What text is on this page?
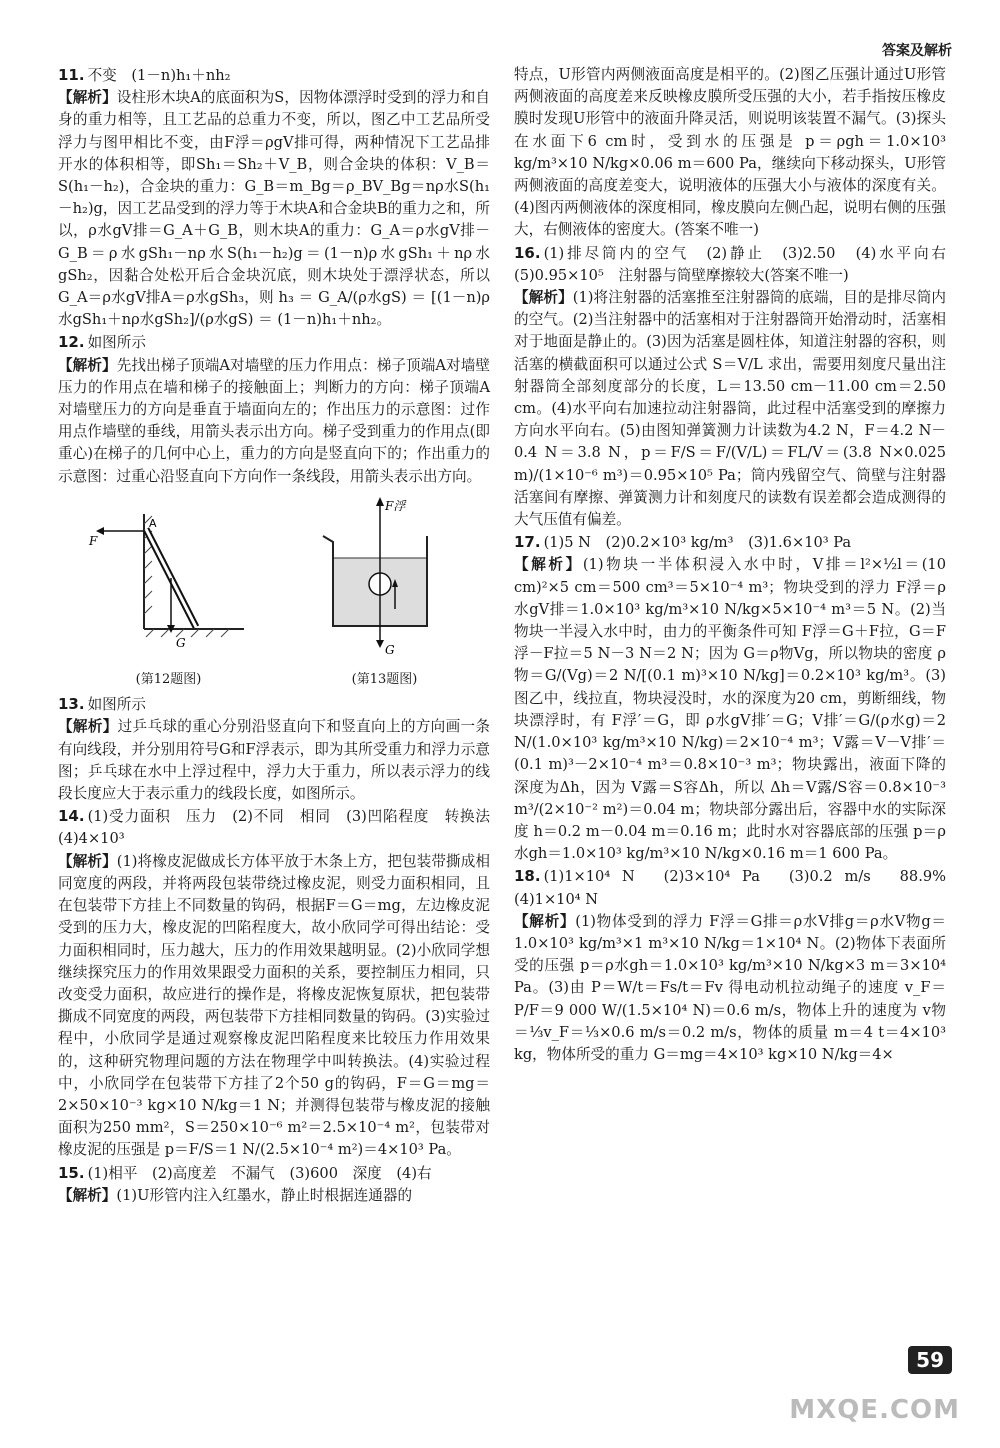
答案及解析
11. 不变　(1－n)h₁＋nh₂

【解析】设柱形木块A的底面积为S，因物体漂浮时受到的浮力和自身的重力相等，且工艺品的总重力不变，所以，图乙中工艺品所受浮力与图甲相比不变，由F浮＝ρgV排可得，两种情况下工艺品排开水的体积相等，即Sh₁＝Sh₂＋V_B，则合金块的体积：V_B＝S(h₁－h₂)，合金块的重力：G_B＝m_Bg＝ρ_BV_Bg＝nρ水S(h₁－h₂)g，因工艺品受到的浮力等于木块A和合金块B的重力之和，所以，ρ水gV排＝G_A＋G_B，则木块A的重力：G_A＝ρ水gV排－G_B＝ρ水gSh₁－nρ水S(h₁－h₂)g＝(1－n)ρ水gSh₁＋nρ水gSh₂，因黏合处松开后合金块沉底，则木块处于漂浮状态，所以G_A＝ρ水gV排A＝ρ水gSh₃，则 h₃ ＝ G_A/(ρ水gS) ＝ [(1－n)ρ水gSh₁＋nρ水gSh₂]/(ρ水gS) ＝ (1－n)h₁＋nh₂。

12. 如图所示

【解析】先找出梯子顶端A对墙壁的压力作用点：梯子顶端A对墙壁压力的作用点在墙和梯子的接触面上；判断力的方向：梯子顶端A对墙壁压力的方向是垂直于墙面向左的；作出压力的示意图：过作用点作墙壁的垂线，用箭头表示出方向。梯子受到重力的作用点(即重心)在梯子的几何中心上，重力的方向是竖直向下的；作出重力的示意图：过重心沿竖直向下方向作一条线段，用箭头表示出方向。

A
F
G
(第12题图)
F浮
G
(第13题图)
13. 如图所示

【解析】过乒乓球的重心分别沿竖直向下和竖直向上的方向画一条有向线段，并分别用符号G和F浮表示，即为其所受重力和浮力示意图；乒乓球在水中上浮过程中，浮力大于重力，所以表示浮力的线段长度应大于表示重力的线段长度，如图所示。

14. (1)受力面积　压力　(2)不同　相同　(3)凹陷程度　转换法　(4)4×10³

【解析】(1)将橡皮泥做成长方体平放于木条上方，把包装带撕成相同宽度的两段，并将两段包装带绕过橡皮泥，则受力面积相同，且在包装带下方挂上不同数量的钩码，根据F＝G＝mg，左边橡皮泥受到的压力大，橡皮泥的凹陷程度大，故小欣同学可得出结论：受力面积相同时，压力越大，压力的作用效果越明显。(2)小欣同学想继续探究压力的作用效果跟受力面积的关系，要控制压力相同，只改变受力面积，故应进行的操作是，将橡皮泥恢复原状，把包装带撕成不同宽度的两段，两包装带下方挂相同数量的钩码。(3)实验过程中，小欣同学是通过观察橡皮泥凹陷程度来比较压力作用效果的，这种研究物理问题的方法在物理学中叫转换法。(4)实验过程中，小欣同学在包装带下方挂了2个50 g的钩码，F＝G＝mg＝2×50×10⁻³ kg×10 N/kg＝1 N；并测得包装带与橡皮泥的接触面积为250 mm²，S＝250×10⁻⁶ m²＝2.5×10⁻⁴ m²，包装带对橡皮泥的压强是 p＝F/S＝1 N/(2.5×10⁻⁴ m²)＝4×10³ Pa。

15. (1)相平　(2)高度差　不漏气　(3)600　深度　(4)右

【解析】(1)U形管内注入红墨水，静止时根据连通器的

特点，U形管内两侧液面高度是相平的。(2)图乙压强计通过U形管两侧液面的高度差来反映橡皮膜所受压强的大小，若手指按压橡皮膜时发现U形管中的液面升降灵活，则说明该装置不漏气。(3)探头在水面下6 cm时，受到水的压强是 p＝ρgh＝1.0×10³ kg/m³×10 N/kg×0.06 m＝600 Pa，继续向下移动探头，U形管两侧液面的高度差变大，说明液体的压强大小与液体的深度有关。(4)图丙两侧液体的深度相同，橡皮膜向左侧凸起，说明右侧的压强大，右侧液体的密度大。(答案不唯一)

16. (1)排尽筒内的空气　(2)静止　(3)2.50　(4)水平向右　(5)0.95×10⁵　注射器与筒壁摩擦较大(答案不唯一)

【解析】(1)将注射器的活塞推至注射器筒的底端，目的是排尽筒内的空气。(2)当注射器中的活塞相对于注射器筒开始滑动时，活塞相对于地面是静止的。(3)因为活塞是圆柱体，知道注射器的容积，则活塞的横截面积可以通过公式 S＝V/L 求出，需要用刻度尺量出注射器筒全部刻度部分的长度，L＝13.50 cm－11.00 cm＝2.50 cm。(4)水平向右加速拉动注射器筒，此过程中活塞受到的摩擦力方向水平向右。(5)由图知弹簧测力计读数为4.2 N，F＝4.2 N－0.4 N＝3.8 N，p＝F/S＝F/(V/L)＝FL/V＝(3.8 N×0.025 m)/(1×10⁻⁶ m³)＝0.95×10⁵ Pa；筒内残留空气、筒壁与注射器活塞间有摩擦、弹簧测力计和刻度尺的读数有误差都会造成测得的大气压值有偏差。

17. (1)5 N　(2)0.2×10³ kg/m³　(3)1.6×10³ Pa

【解析】(1)物块一半体积浸入水中时，V排＝l²×½l＝(10 cm)²×5 cm＝500 cm³＝5×10⁻⁴ m³；物块受到的浮力 F浮＝ρ水gV排＝1.0×10³ kg/m³×10 N/kg×5×10⁻⁴ m³＝5 N。(2)当物块一半浸入水中时，由力的平衡条件可知 F浮＝G＋F拉，G＝F浮－F拉＝5 N－3 N＝2 N；因为 G＝ρ物Vg，所以物块的密度 ρ物＝G/(Vg)＝2 N/[(0.1 m)³×10 N/kg]＝0.2×10³ kg/m³。(3)图乙中，线拉直，物块浸没时，水的深度为20 cm，剪断细线，物块漂浮时，有 F浮′＝G，即 ρ水gV排′＝G；V排′＝G/(ρ水g)＝2 N/(1.0×10³ kg/m³×10 N/kg)＝2×10⁻⁴ m³；V露＝V－V排′＝(0.1 m)³－2×10⁻⁴ m³＝0.8×10⁻³ m³；物块露出，液面下降的深度为Δh，因为 V露＝S容Δh，所以 Δh＝V露/S容＝0.8×10⁻³ m³/(2×10⁻² m²)＝0.04 m；物块部分露出后，容器中水的实际深度 h＝0.2 m－0.04 m＝0.16 m；此时水对容器底部的压强 p＝ρ水gh＝1.0×10³ kg/m³×10 N/kg×0.16 m＝1 600 Pa。

18. (1)1×10⁴ N　(2)3×10⁴ Pa　(3)0.2 m/s　88.9%　(4)1×10⁴ N

【解析】(1)物体受到的浮力 F浮＝G排＝ρ水V排g＝ρ水V物g＝1.0×10³ kg/m³×1 m³×10 N/kg＝1×10⁴ N。(2)物体下表面所受的压强 p＝ρ水gh＝1.0×10³ kg/m³×10 N/kg×3 m＝3×10⁴ Pa。(3)由 P＝W/t＝Fs/t＝Fv 得电动机拉动绳子的速度 v_F＝P/F＝9 000 W/(1.5×10⁴ N)＝0.6 m/s，物体上升的速度为 v物＝⅓v_F＝⅓×0.6 m/s＝0.2 m/s，物体的质量 m＝4 t＝4×10³ kg，物体所受的重力 G＝mg＝4×10³ kg×10 N/kg＝4×

59
MXQE.COM
